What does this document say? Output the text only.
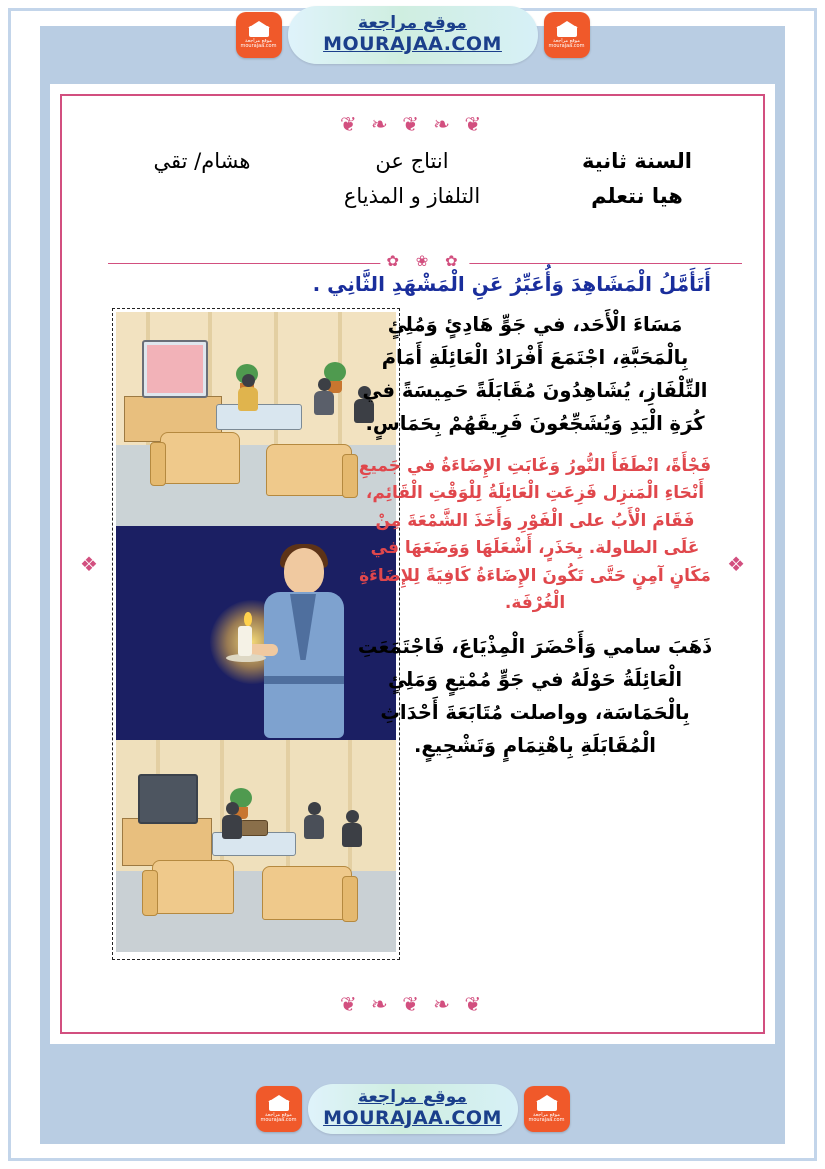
موقع مراجعة mourajaa.com
موقع مراجعة
MOURAJAA.COM
موقع مراجعة mourajaa.com
❦ ❧ ❦ ❧ ❦
❦ ❧ ❦ ❧ ❦
❖	❖
السنة ثانية
هيا نتعلم
انتاج عن
التلفاز و المذياع
هشام/ تقي
✿ ❀ ✿
أَتَأَمَّلُ الْمَشَاهِدَ وَأُعَبِّرُ عَنِ الْمَشْهَدِ الثَّانِي .

مَسَاءَ الْأَحَد، في جَوٍّ هَادِئٍ وَمُلِئٍ بِالْمَحَبَّةِ، اجْتَمَعَ أَفْرَادُ الْعَائِلَةِ أَمَامَ التِّلْفَازِ، يُشَاهِدُونَ مُقَابَلَةً حَمِيسَةً في كُرَةِ الْيَدِ وَيُشَجِّعُونَ فَرِيقَهُمْ بِحَمَاسٍ.

فَجْأَةً، انْطَفَأَ النُّورُ وَغَابَتِ الإِضَاءَةُ في جَميعِ أَنْحَاءِ الْمَنزِل فَزِعَتِ الْعَائِلَةُ لِلْوَقْتِ الْقَائِم، فَقَامَ الْأَبُ على الْفَوْرِ وَأَخَذَ الشَّمْعَةَ مِنْ عَلَى الطاولة. بِحَذَرٍ، أَشْعَلَهَا وَوَضَعَهَا في مَكَانٍ آمِنٍ حَتَّى تَكُونَ الإِضَاءَةُ كَافِيَةً لِلإِضَاءَةِ الْغُرْفَة.

ذَهَبَ سامي وَأَحْضَرَ الْمِذْيَاعَ، فَاجْتَمَعَتِ الْعَائِلَةُ حَوْلَهُ في جَوٍّ مُمْتِعٍ وَمَلِئٍ بِالْحَمَاسَة، وواصلت مُتَابَعَةَ أَحْدَاثِ الْمُقَابَلَةِ بِاهْتِمَامٍ وَتَشْجِيعٍ.

موقع مراجعة mourajaa.com
موقع مراجعة
MOURAJAA.COM
موقع مراجعة mourajaa.com
